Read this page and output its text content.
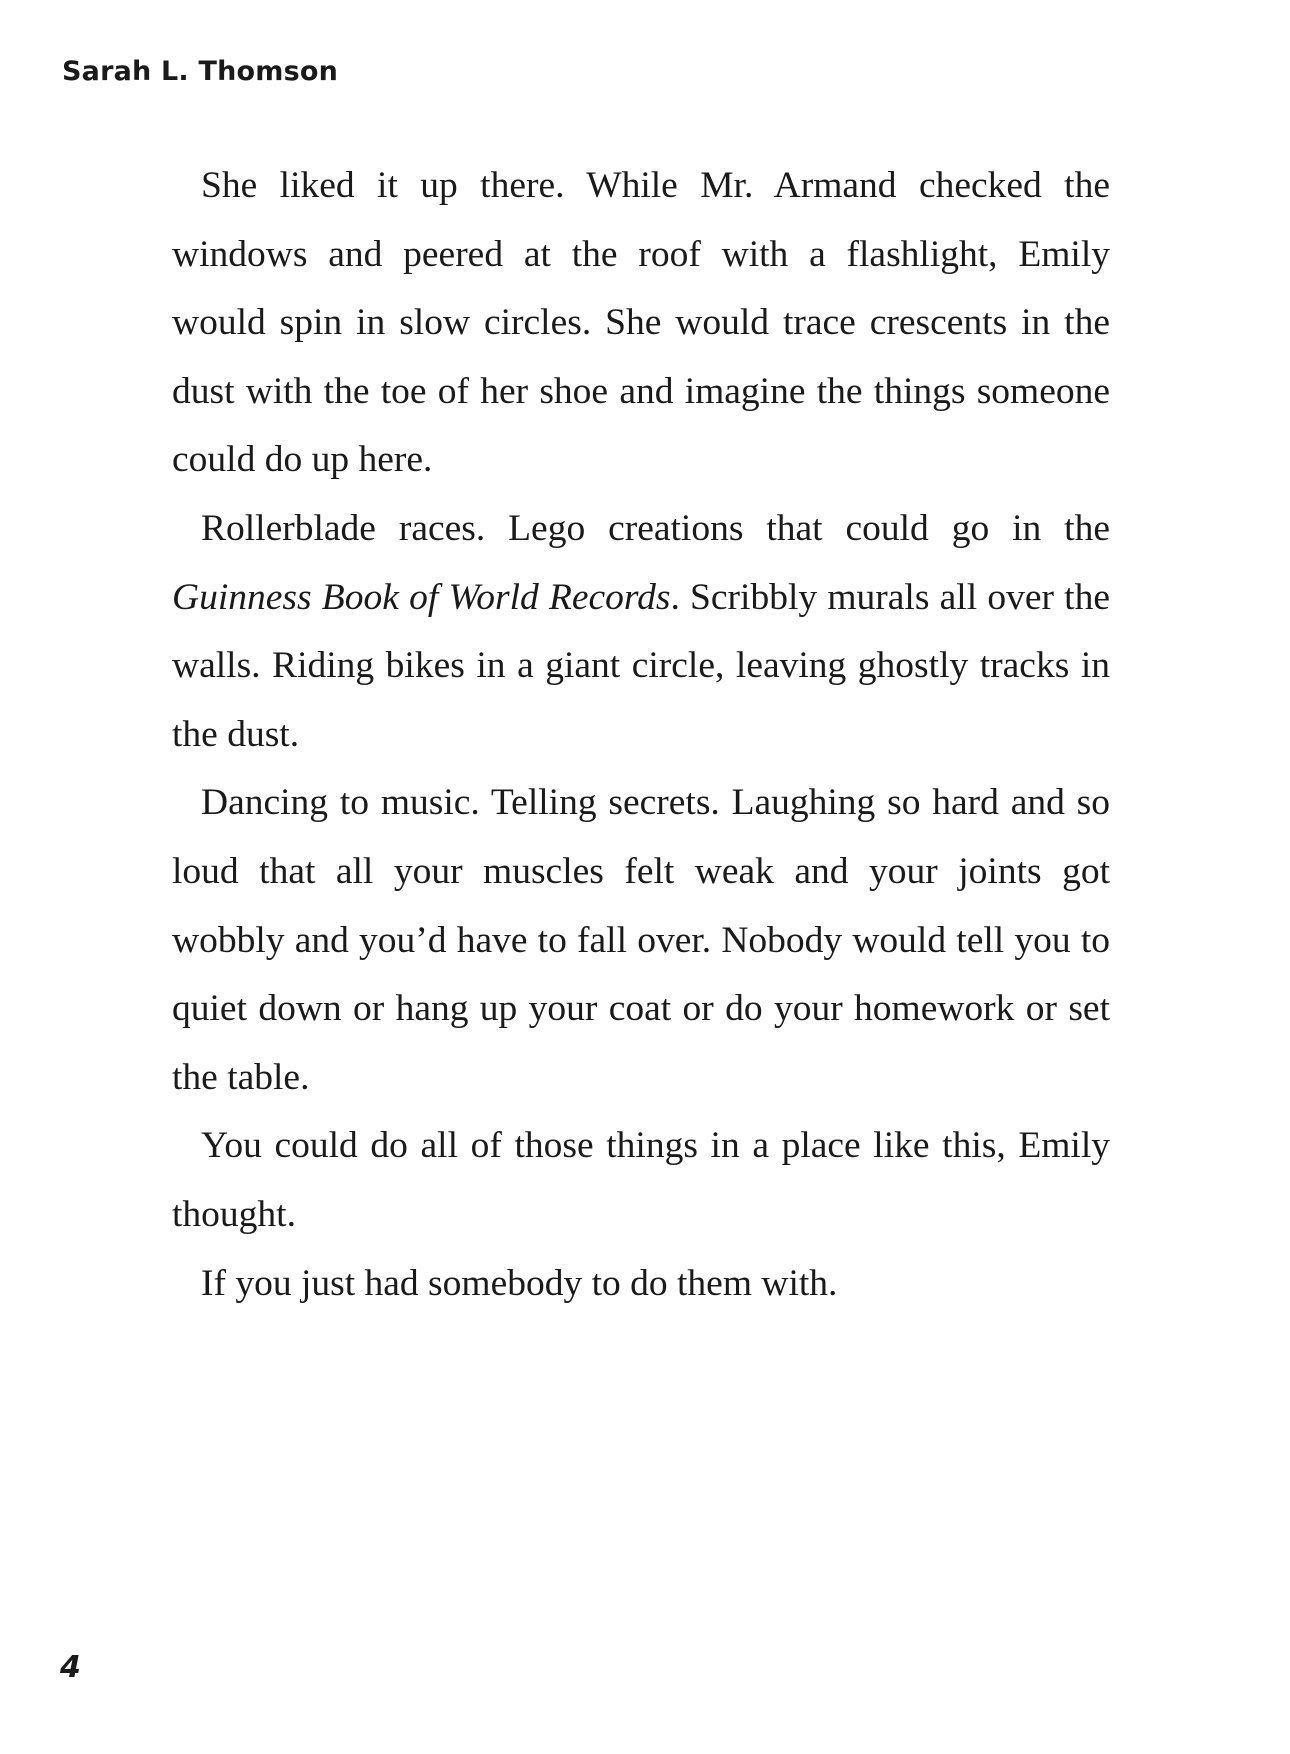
Sarah L. Thomson

She liked it up there. While Mr. Armand checked the windows and peered at the roof with a flashlight, Emily would spin in slow circles. She would trace crescents in the dust with the toe of her shoe and imagine the things someone could do up here.

Rollerblade races. Lego creations that could go in the Guinness Book of World Records. Scribbly murals all over the walls. Riding bikes in a giant circle, leaving ghostly tracks in the dust.

Dancing to music. Telling secrets. Laughing so hard and so loud that all your muscles felt weak and your joints got wobbly and you’d have to fall over. Nobody would tell you to quiet down or hang up your coat or do your homework or set the table.

You could do all of those things in a place like this, Emily thought.

If you just had somebody to do them with.

4
